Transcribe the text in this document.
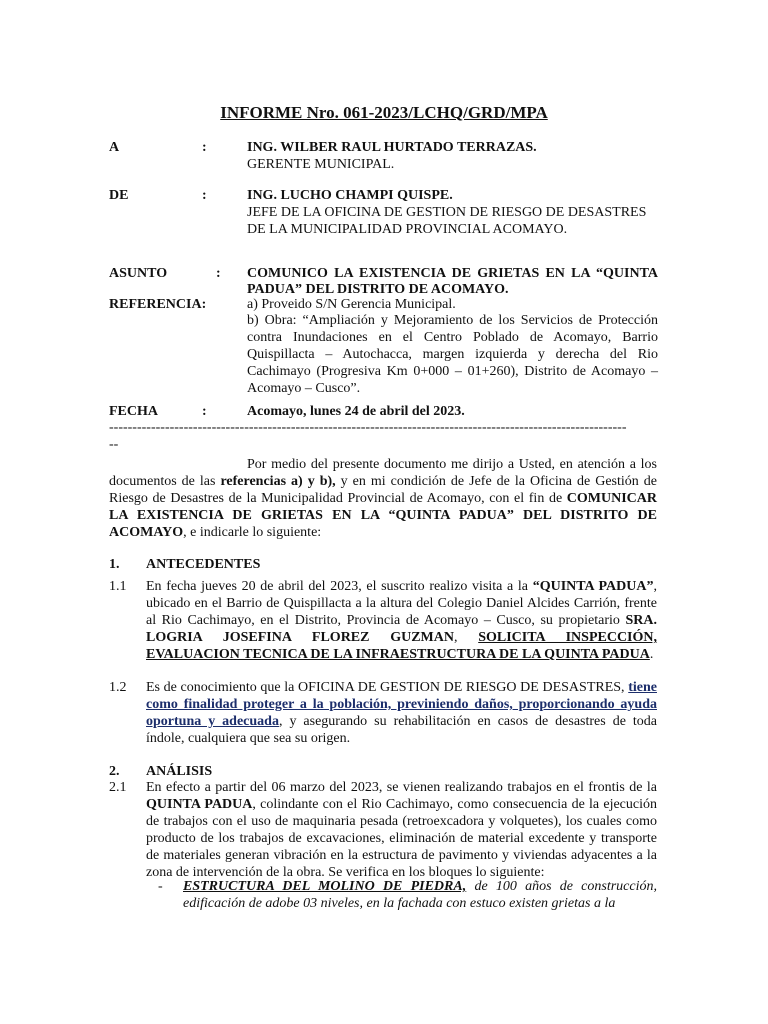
INFORME Nro. 061-2023/LCHQ/GRD/MPA
A	:	ING. WILBER RAUL HURTADO TERRAZAS.
GERENTE MUNICIPAL.
DE	:	ING. LUCHO CHAMPI QUISPE.
JEFE DE LA OFICINA DE GESTION DE RIESGO DE DESASTRES
DE LA MUNICIPALIDAD PROVINCIAL ACOMAYO.
ASUNTO	: COMUNICO LA EXISTENCIA DE GRIETAS EN LA “QUINTA
PADUA” DEL DISTRITO DE ACOMAYO.
REFERENCIA:	a) Proveido S/N Gerencia Municipal.
b) Obra: “Ampliación y Mejoramiento de los Servicios de Protección contra Inundaciones en el Centro Poblado de Acomayo, Barrio Quispillacta – Autochacca, margen izquierda y derecha del Rio Cachimayo (Progresiva Km 0+000 – 01+260), Distrito de Acomayo – Acomayo – Cusco”.
FECHA	:	Acomayo, lunes 24 de abril del 2023.
---------------------------------------------------------------------------------------------------------------
--
Por medio del presente documento me dirijo a Usted, en atención a los documentos de las referencias a) y b), y en mi condición de Jefe de la Oficina de Gestión de Riesgo de Desastres de la Municipalidad Provincial de Acomayo, con el fin de COMUNICAR LA EXISTENCIA DE GRIETAS EN LA “QUINTA PADUA” DEL DISTRITO DE ACOMAYO, e indicarle lo siguiente:
1. ANTECEDENTES
1.1 En fecha jueves 20 de abril del 2023, el suscrito realizo visita a la “QUINTA PADUA”, ubicado en el Barrio de Quispillacta a la altura del Colegio Daniel Alcides Carrión, frente al Rio Cachimayo, en el Distrito, Provincia de Acomayo – Cusco, su propietario SRA. LOGRIA JOSEFINA FLOREZ GUZMAN, SOLICITA INSPECCIÓN, EVALUACION TECNICA DE LA INFRAESTRUCTURA DE LA QUINTA PADUA.
1.2 Es de conocimiento que la OFICINA DE GESTION DE RIESGO DE DESASTRES, tiene como finalidad proteger a la población, previniendo daños, proporcionando ayuda oportuna y adecuada, y asegurando su rehabilitación en casos de desastres de toda índole, cualquiera que sea su origen.
2. ANÁLISIS
2.1 En efecto a partir del 06 marzo del 2023, se vienen realizando trabajos en el frontis de la QUINTA PADUA, colindante con el Rio Cachimayo, como consecuencia de la ejecución de trabajos con el uso de maquinaria pesada (retroexcadora y volquetes), los cuales como producto de los trabajos de excavaciones, eliminación de material excedente y transporte de materiales generan vibración en la estructura de pavimento y viviendas adyacentes a la zona de intervención de la obra. Se verifica en los bloques lo siguiente:
- ESTRUCTURA DEL MOLINO DE PIEDRA, de 100 años de construcción, edificación de adobe 03 niveles, en la fachada con estuco existen grietas a la
